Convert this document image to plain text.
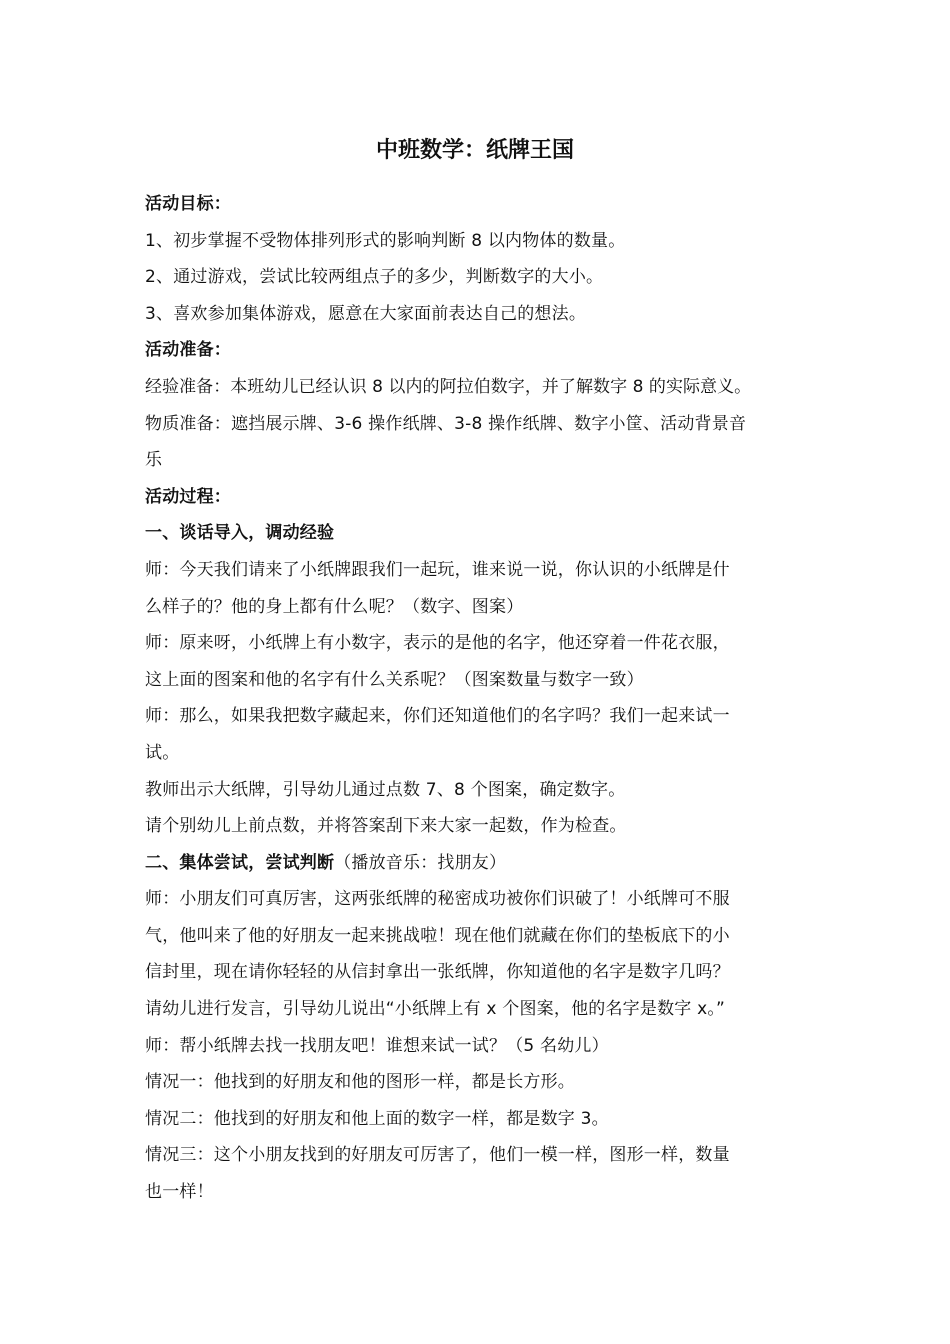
中班数学：纸牌王国
活动目标：
1、初步掌握不受物体排列形式的影响判断 8 以内物体的数量。
2、通过游戏，尝试比较两组点子的多少，判断数字的大小。
3、喜欢参加集体游戏，愿意在大家面前表达自己的想法。
活动准备：
经验准备：本班幼儿已经认识 8 以内的阿拉伯数字，并了解数字 8 的实际意义。
物质准备：遮挡展示牌、3-6 操作纸牌、3-8 操作纸牌、数字小筐、活动背景音
乐
活动过程：
一、谈话导入，调动经验
师：今天我们请来了小纸牌跟我们一起玩，谁来说一说，你认识的小纸牌是什
么样子的？他的身上都有什么呢？（数字、图案）
师：原来呀，小纸牌上有小数字，表示的是他的名字，他还穿着一件花衣服，
这上面的图案和他的名字有什么关系呢？（图案数量与数字一致）
师：那么，如果我把数字藏起来，你们还知道他们的名字吗？我们一起来试一
试。
教师出示大纸牌，引导幼儿通过点数 7、8 个图案，确定数字。
请个别幼儿上前点数，并将答案刮下来大家一起数，作为检查。
二、集体尝试，尝试判断（播放音乐：找朋友）
师：小朋友们可真厉害，这两张纸牌的秘密成功被你们识破了！小纸牌可不服
气，他叫来了他的好朋友一起来挑战啦！现在他们就藏在你们的垫板底下的小
信封里，现在请你轻轻的从信封拿出一张纸牌，你知道他的名字是数字几吗？
请幼儿进行发言，引导幼儿说出“小纸牌上有 x 个图案，他的名字是数字 x。”
师：帮小纸牌去找一找朋友吧！谁想来试一试？（5 名幼儿）
情况一：他找到的好朋友和他的图形一样，都是长方形。
情况二：他找到的好朋友和他上面的数字一样，都是数字 3。
情况三：这个小朋友找到的好朋友可厉害了，他们一模一样，图形一样，数量
也一样！
